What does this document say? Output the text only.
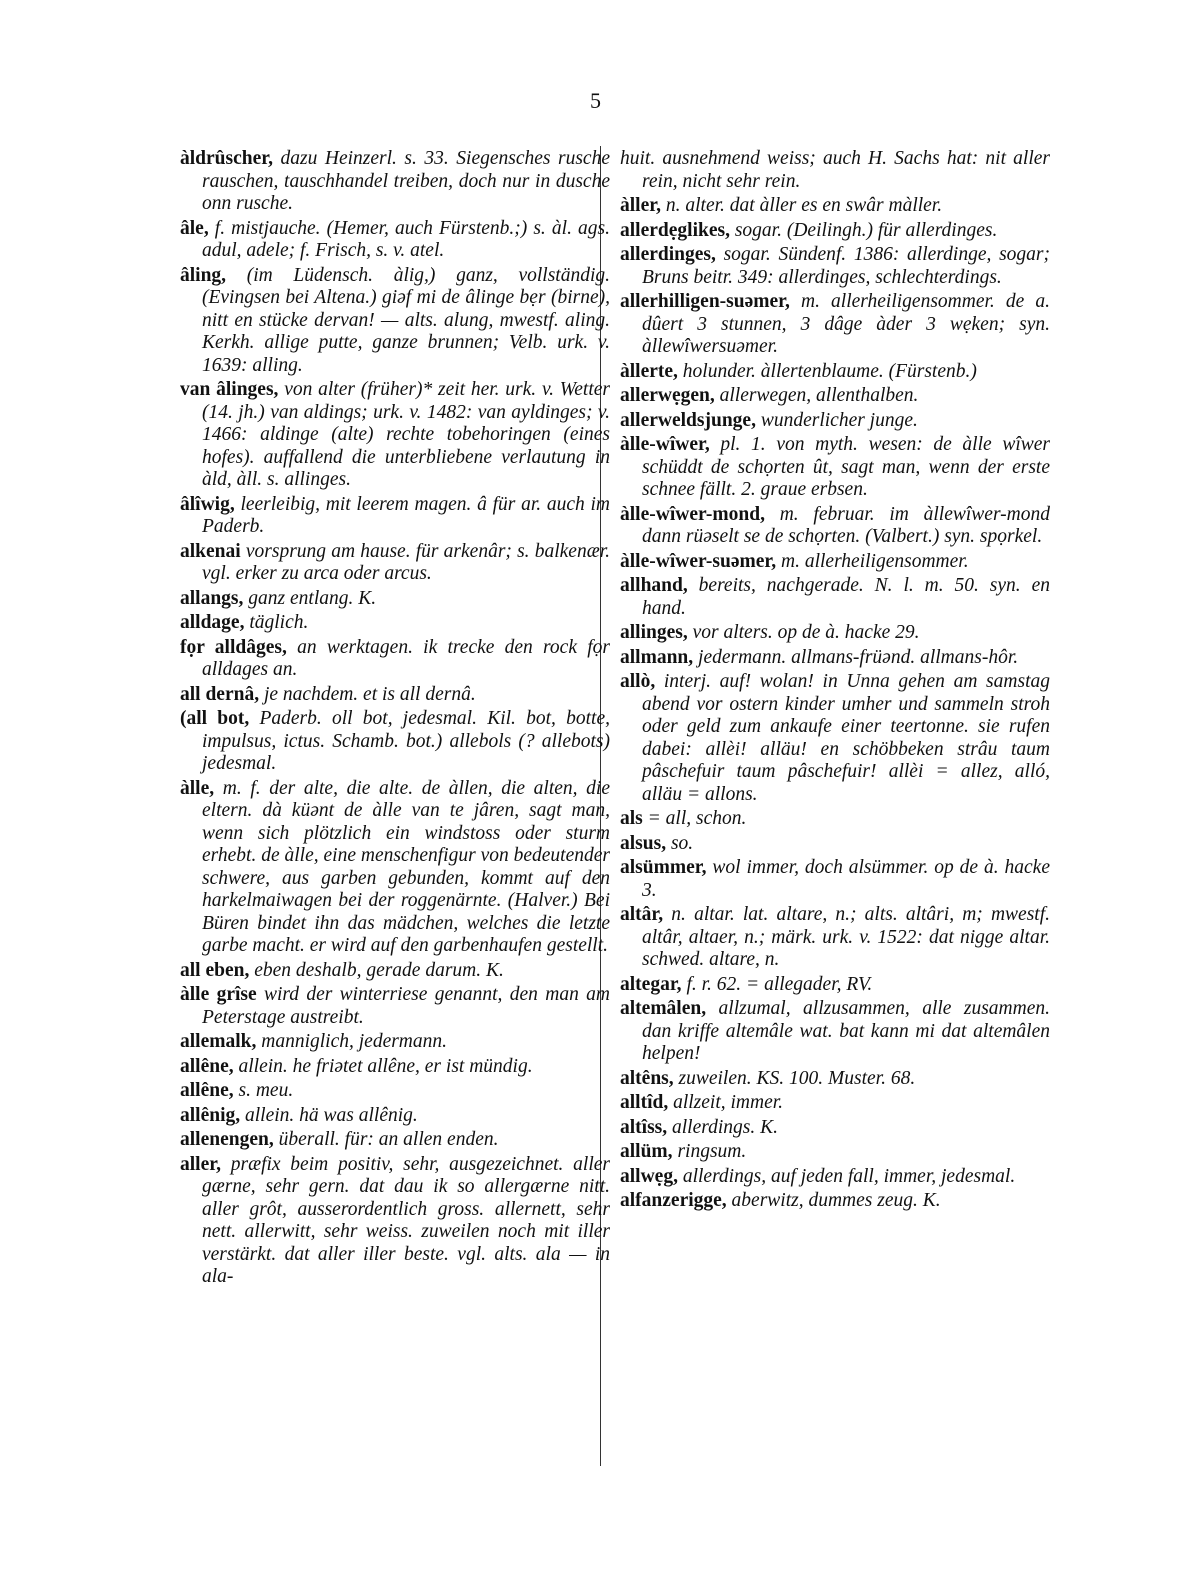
5

àldrûscher, dazu Heinzerl. s. 33. Siegensches rusche rauschen, tauschhandel treiben, doch nur in dusche onn rusche.

âle, f. mistjauche. (Hemer, auch Fürstenb.;) s. àl. ags. adul, adele; f. Frisch, s. v. atel.

âling, (im Lüdensch. àlig,) ganz, vollständig. (Evingsen bei Altena.) giəf mi de âlinge bẹr (birne), nitt en stücke dervan! — alts. alung, mwestf. aling. Kerkh. allige putte, ganze brunnen; Velb. urk. v. 1639: alling.

van âlinges, von alter (früher)* zeit her. urk. v. Wetter (14. jh.) van aldings; urk. v. 1482: van ayldinges; v. 1466: aldinge (alte) rechte tobehoringen (eines hofes). auffallend die unterbliebene verlautung in àld, àll. s. allinges.

âlîwig, leerleibig, mit leerem magen. â für ar. auch im Paderb.

alkenai vorsprung am hause. für arkenâr; s. balkenær. vgl. erker zu arca oder arcus.

allangs, ganz entlang. K.

alldage, täglich.

fọr alldâges, an werktagen. ik trecke den rock fọr alldages an.

all dernâ, je nachdem. et is all dernâ.

(all bot, Paderb. oll bot, jedesmal. Kil. bot, botte, impulsus, ictus. Schamb. bot.) allebols (? allebots) jedesmal.

àlle, m. f. der alte, die alte. de àllen, die alten, die eltern. dà küənt de àlle van te jâren, sagt man, wenn sich plötzlich ein windstoss oder sturm erhebt. de àlle, eine menschenfigur von bedeutender schwere, aus garben gebunden, kommt auf den harkelmaiwagen bei der roggenärnte. (Halver.) Bei Büren bindet ihn das mädchen, welches die letzte garbe macht. er wird auf den garbenhaufen gestellt.

all eben, eben deshalb, gerade darum. K.

àlle grîse wird der winterriese genannt, den man am Peterstage austreibt.

allemalk, manniglich, jedermann.

allêne, allein. he friətet allêne, er ist mündig.

allêne, s. meu.

allênig, allein. hä was allênig.

allenengen, überall. für: an allen enden.

aller, præfix beim positiv, sehr, ausgezeichnet. aller gærne, sehr gern. dat dau ik so allergærne nitt. aller grôt, ausserordentlich gross. allernett, sehr nett. allerwitt, sehr weiss. zuweilen noch mit iller verstärkt. dat aller iller beste. vgl. alts. ala — in ala-

huit. ausnehmend weiss; auch H. Sachs hat: nit aller rein, nicht sehr rein.

àller, n. alter. dat àller es en swâr màller.

allerdẹglikes, sogar. (Deilingh.) für allerdinges.

allerdinges, sogar. Sündenf. 1386: allerdinge, sogar; Bruns beitr. 349: allerdinges, schlechterdings.

allerhilligen-suəmer, m. allerheiligensommer. de a. dûert 3 stunnen, 3 dâge àder 3 wẹken; syn. àllewîwersuəmer.

àllerte, holunder. àllertenblaume. (Fürstenb.)

allerwẹgen, allerwegen, allenthalben.

allerweldsjunge, wunderlicher junge.

àlle-wîwer, pl. 1. von myth. wesen: de àlle wîwer schüddt de schọrten ût, sagt man, wenn der erste schnee fällt. 2. graue erbsen.

àlle-wîwer-mond, m. februar. im àllewîwer-mond dann rüəselt se de schọrten. (Valbert.) syn. spọrkel.

àlle-wîwer-suəmer, m. allerheiligensommer.

allhand, bereits, nachgerade. N. l. m. 50. syn. en hand.

allinges, vor alters. op de à. hacke 29.

allmann, jedermann. allmans-früənd. allmans-hôr.

allò, interj. auf! wolan! in Unna gehen am samstag abend vor ostern kinder umher und sammeln stroh oder geld zum ankaufe einer teertonne. sie rufen dabei: allèi! alläu! en schöbbeken strâu taum pâschefuir taum pâschefuir! allèi = allez, alló, alläu = allons.

als = all, schon.

alsus, so.

alsümmer, wol immer, doch alsümmer. op de à. hacke 3.

altâr, n. altar. lat. altare, n.; alts. altâri, m; mwestf. altâr, altaer, n.; märk. urk. v. 1522: dat nigge altar. schwed. altare, n.

altegar, f. r. 62. = allegader, RV.

altemâlen, allzumal, allzusammen, alle zusammen. dan kriffe altemâle wat. bat kann mi dat altemâlen helpen!

altêns, zuweilen. KS. 100. Muster. 68.

alltîd, allzeit, immer.

altîss, allerdings. K.

allüm, ringsum.

allwẹg, allerdings, auf jeden fall, immer, jedesmal.

alfanzerigge, aberwitz, dummes zeug. K.
